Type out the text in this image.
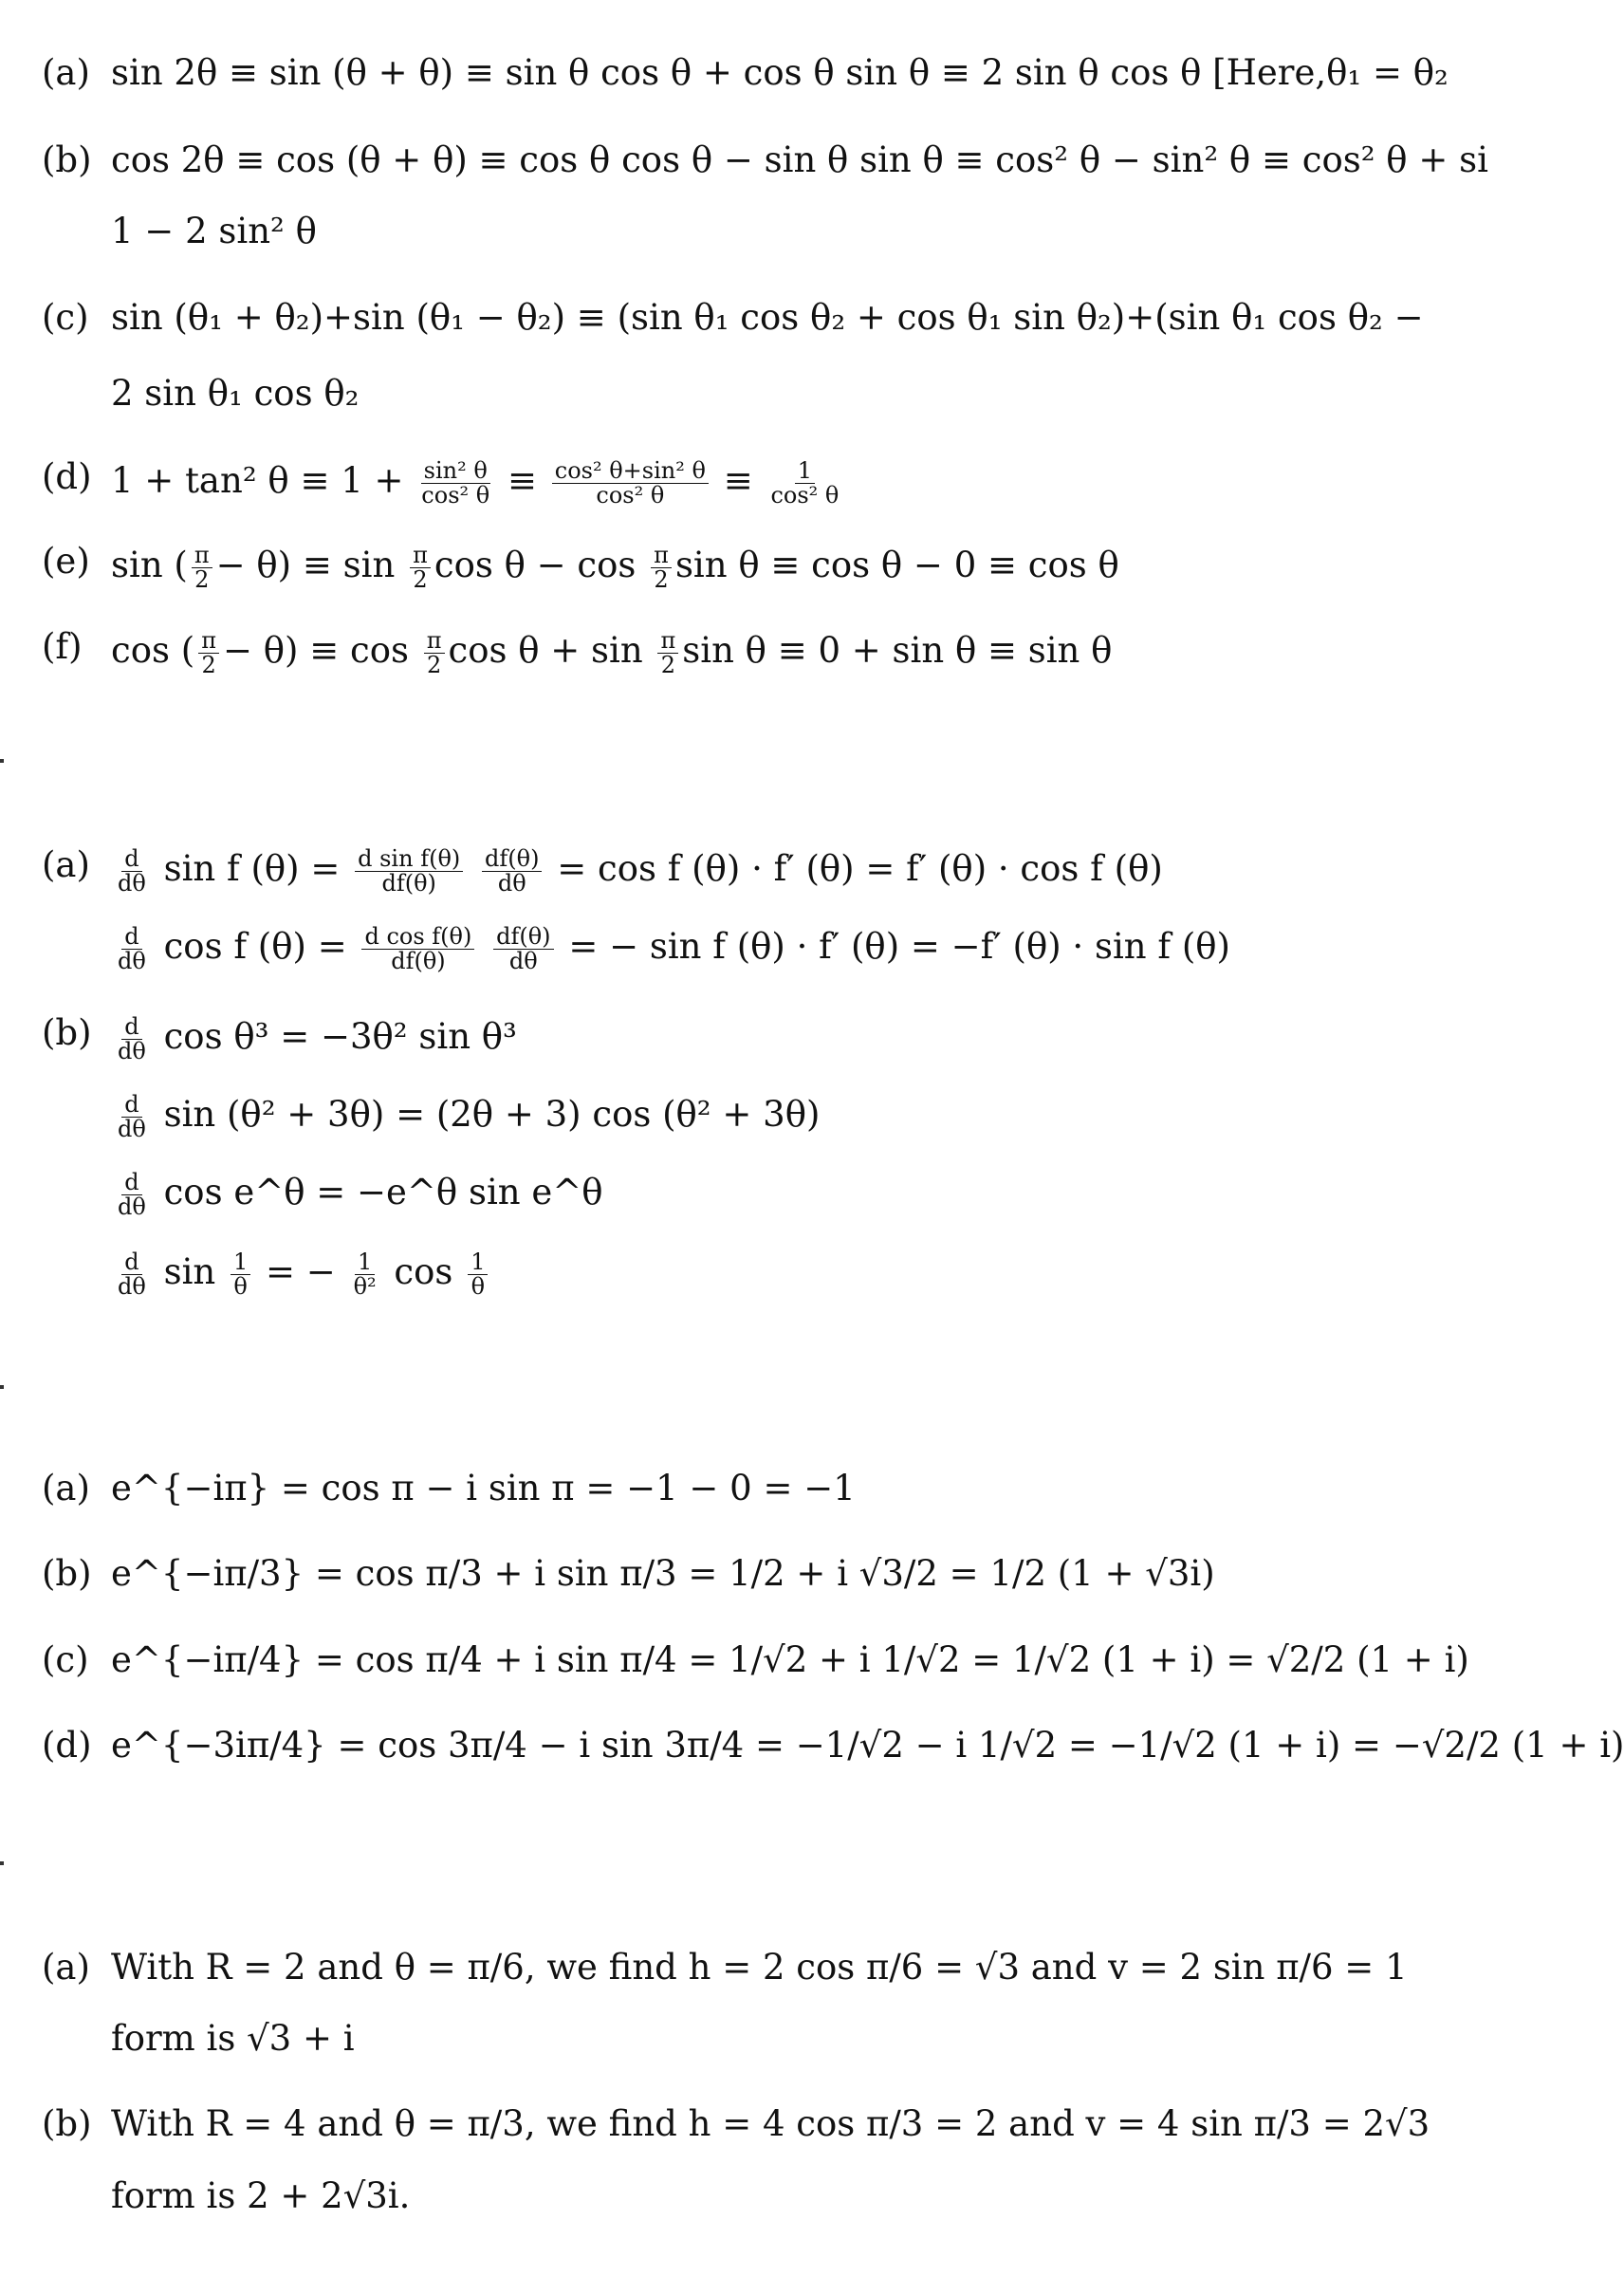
(a) sin 2θ ≡ sin (θ + θ) ≡ sin θ cos θ + cos θ sin θ ≡ 2 sin θ cos θ [Here,θ₁ = θ₂
(b) cos 2θ ≡ cos (θ + θ) ≡ cos θ cos θ − sin θ sin θ ≡ cos² θ − sin² θ ≡ cos² θ + si
1 − 2 sin² θ
(c) sin (θ₁ + θ₂)+sin (θ₁ − θ₂) ≡ (sin θ₁ cos θ₂ + cos θ₁ sin θ₂)+(sin θ₁ cos θ₂ −
2 sin θ₁ cos θ₂
(d) 1 + tan² $\theta \equiv 1 + \frac{\text{sin² θ}}{\text{cos² θ}} \equiv \frac{\text{cos² θ+sin² θ}}{\text{cos² θ}} \equiv \frac{1}{\text{cos² θ}}$
(e) sin ( $\frac{\pi}{2} - \theta) \equiv \sin \frac{\pi}{2}$ $\cos \theta - \cos \frac{\pi}{2}$ sin θ ≡ cos θ − 0 ≡ cos θ
(f) cos ( $\frac{\pi}{2} - \theta) \equiv \cos \frac{\pi}{2}$ $\cos \theta + \sin \frac{\pi}{2}$ sin θ ≡ 0 + sin θ ≡ sin θ
$(a) \frac{d}{d\theta}$ sin f $(\theta) = \frac{\text{d sin f(θ)}}{df(\theta)}$
$\frac{df(\theta)}{d\theta} = \cos f$ (θ) · f′ (θ) = f′ (θ) · cos f (θ)
$\frac{d}{d\theta}$ cos f $(\theta) = \frac{\text{d cos f(θ)}}{df(\theta)}$
$\frac{df(\theta)}{d\theta}$ = − sin f (θ) · f′ (θ) = −f′ (θ) · sin f (θ)
$(b) \frac{d}{d\theta}$ cos θ³ = −3θ² sin θ³
$\frac{d}{d\theta}$ sin (θ² + 3θ) = (2θ + 3) cos (θ² + 3θ)
$\frac{d}{d\theta}$ cos e^θ = −e^θ sin e^θ
$\frac{d}{d\theta}$ $\sin \frac{1}{\theta}$ = − $\frac{1}{\text{θ²}}$ $\cos \frac{1}{\theta}$
(a) e^{−iπ} = cos π − i sin π = −1 − 0 = −1
(b) e^{−iπ/3} = cos π/3 + i sin π/3 = 1/2 + i √3/2 = 1/2 (1 + √3i)
(c) e^{−iπ/4} = cos π/4 + i sin π/4 = 1/√2 + i 1/√2 = 1/√2 (1 + i) = √2/2 (1 + i)
(d) e^{−3iπ/4} = cos 3π/4 − i sin 3π/4 = −1/√2 − i 1/√2 = −1/√2 (1 + i) = −√2/2 (1 + i)
(a) With R = 2 and θ = π/6, we find h = 2 cos π/6 = √3 and v = 2 sin π/6 = 1
form is √3 + i
(b) With R = 4 and θ = π/3, we find h = 4 cos π/3 = 2 and v = 4 sin π/3 = 2√3
form is 2 + 2√3i.
